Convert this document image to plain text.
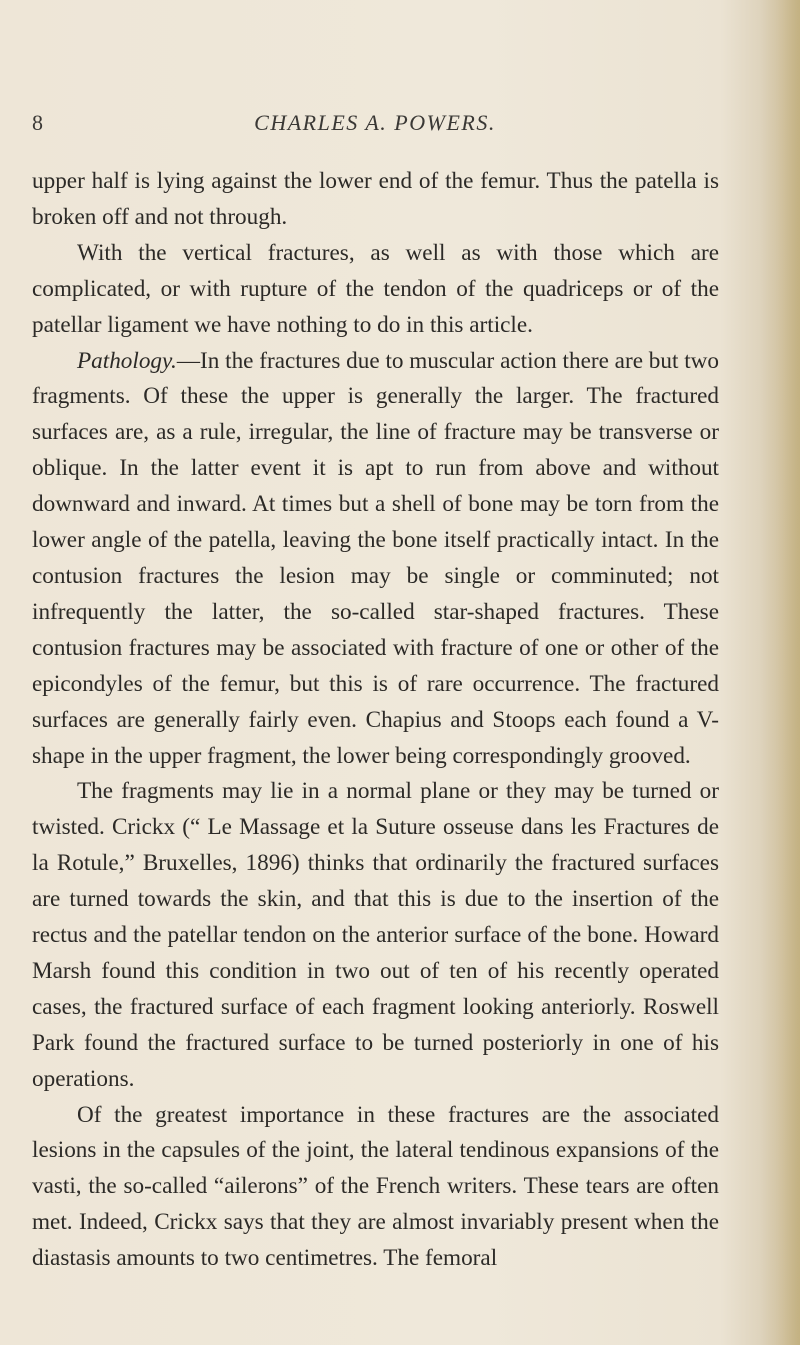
8	CHARLES A. POWERS.

upper half is lying against the lower end of the femur. Thus the patella is broken off and not through.

With the vertical fractures, as well as with those which are complicated, or with rupture of the tendon of the quadriceps or of the patellar ligament we have nothing to do in this article.

Pathology.—In the fractures due to muscular action there are but two fragments. Of these the upper is generally the larger. The fractured surfaces are, as a rule, irregular, the line of fracture may be transverse or oblique. In the latter event it is apt to run from above and without downward and inward. At times but a shell of bone may be torn from the lower angle of the patella, leaving the bone itself practically intact. In the contusion fractures the lesion may be single or comminuted; not infrequently the latter, the so-called star-shaped fractures. These contusion fractures may be associated with fracture of one or other of the epicondyles of the femur, but this is of rare occurrence. The fractured surfaces are generally fairly even. Chapius and Stoops each found a V-shape in the upper fragment, the lower being correspondingly grooved.

The fragments may lie in a normal plane or they may be turned or twisted. Crickx (“ Le Massage et la Suture osseuse dans les Fractures de la Rotule,” Bruxelles, 1896) thinks that ordinarily the fractured surfaces are turned towards the skin, and that this is due to the insertion of the rectus and the patellar tendon on the anterior surface of the bone. Howard Marsh found this condition in two out of ten of his recently operated cases, the fractured surface of each fragment looking anteriorly. Roswell Park found the fractured surface to be turned posteriorly in one of his operations.

Of the greatest importance in these fractures are the associated lesions in the capsules of the joint, the lateral tendinous expansions of the vasti, the so-called “ailerons” of the French writers. These tears are often met. Indeed, Crickx says that they are almost invariably present when the diastasis amounts to two centimetres. The femoral
